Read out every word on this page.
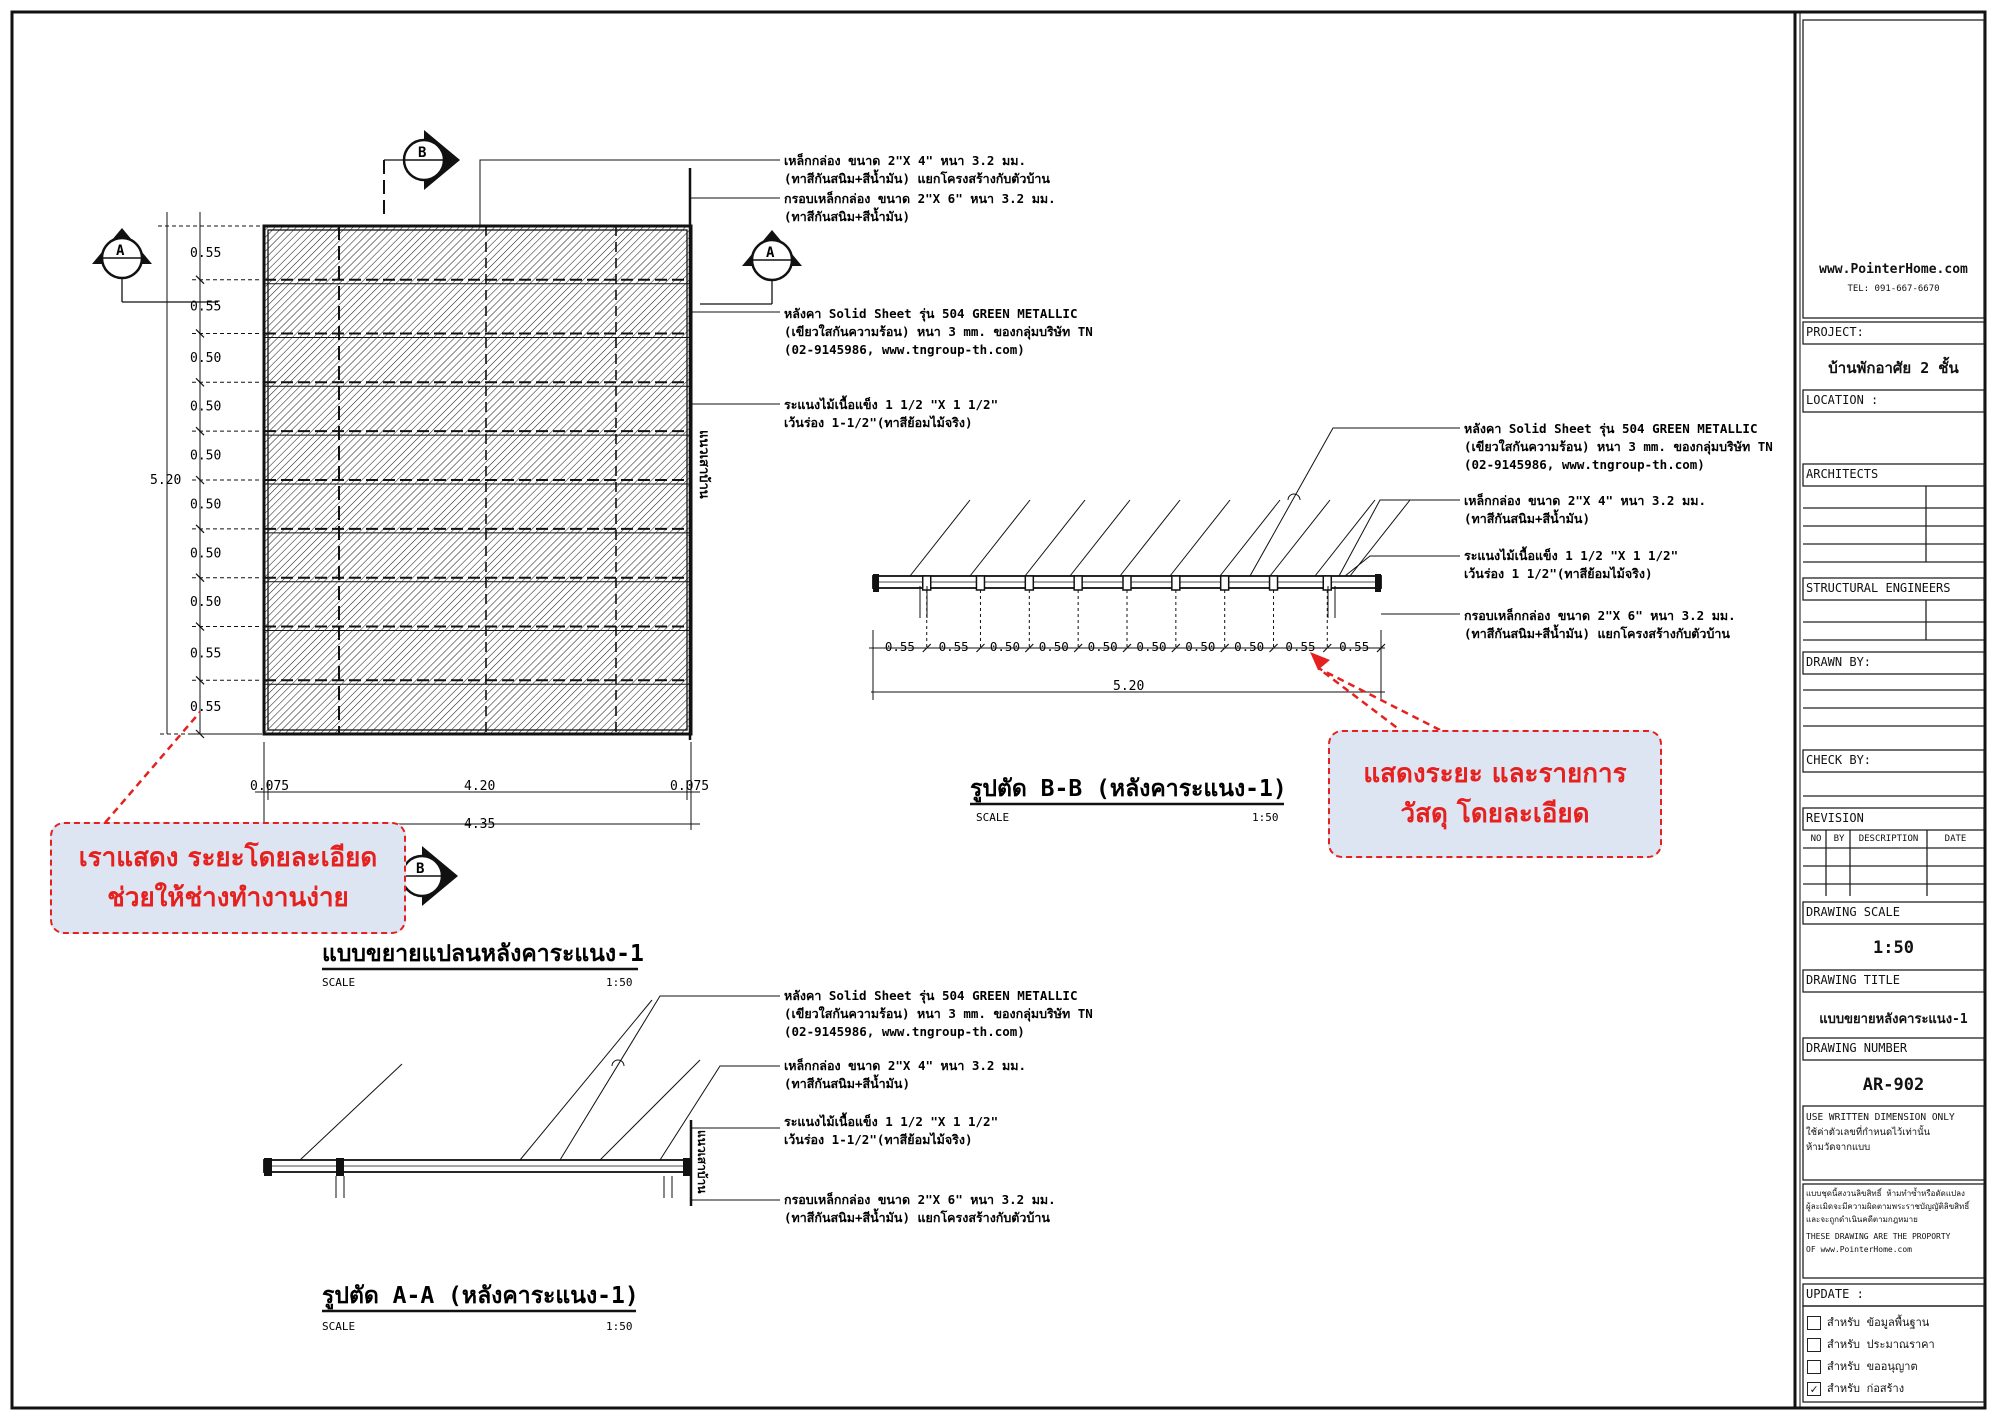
แนวเสาบ้าน
0.55
0.55
0.50
0.50
0.50
0.50
0.50
0.50
0.55
0.55
5.20
0.075	4.20	0.075
4.35
A	A
B
B
เหล็กกล่อง ขนาด 2"X 4" หนา 3.2 มม.
(ทาสีกันสนิม+สีน้ำมัน) แยกโครงสร้างกับตัวบ้าน
กรอบเหล็กกล่อง ขนาด 2"X 6" หนา 3.2 มม.
(ทาสีกันสนิม+สีน้ำมัน)
หลังคา Solid Sheet รุ่น 504 GREEN METALLIC
(เขียวใสกันความร้อน) หนา 3 mm. ของกลุ่มบริษัท TN
(02-9145986, www.tngroup-th.com)
ระแนงไม้เนื้อแข็ง 1 1/2 "X 1 1/2"
เว้นร่อง 1-1/2"(ทาสีย้อมไม้จริง)
แบบขยายแปลนหลังคาระแนง-1
SCALE	1:50
0.55 0.55 0.50 0.50 0.50 0.50 0.50 0.50 0.55 0.55
5.20
หลังคา Solid Sheet รุ่น 504 GREEN METALLIC
(เขียวใสกันความร้อน) หนา 3 mm. ของกลุ่มบริษัท TN
(02-9145986, www.tngroup-th.com)
เหล็กกล่อง ขนาด 2"X 4" หนา 3.2 มม.
(ทาสีกันสนิม+สีน้ำมัน)
ระแนงไม้เนื้อแข็ง 1 1/2 "X 1 1/2"
เว้นร่อง 1 1/2"(ทาสีย้อมไม้จริง)
กรอบเหล็กกล่อง ขนาด 2"X 6" หนา 3.2 มม.
(ทาสีกันสนิม+สีน้ำมัน) แยกโครงสร้างกับตัวบ้าน
รูปตัด B-B (หลังคาระแนง-1)
SCALE	1:50
แนวเสาบ้าน
หลังคา Solid Sheet รุ่น 504 GREEN METALLIC
(เขียวใสกันความร้อน) หนา 3 mm. ของกลุ่มบริษัท TN
(02-9145986, www.tngroup-th.com)
เหล็กกล่อง ขนาด 2"X 4" หนา 3.2 มม.
(ทาสีกันสนิม+สีน้ำมัน)
ระแนงไม้เนื้อแข็ง 1 1/2 "X 1 1/2"
เว้นร่อง 1-1/2"(ทาสีย้อมไม้จริง)
กรอบเหล็กกล่อง ขนาด 2"X 6" หนา 3.2 มม.
(ทาสีกันสนิม+สีน้ำมัน) แยกโครงสร้างกับตัวบ้าน
รูปตัด A-A (หลังคาระแนง-1)
SCALE	1:50
เราแสดง ระยะโดยละเอียด
ช่วยให้ช่างทำงานง่าย
แสดงระยะ และรายการ
วัสดุ โดยละเอียด
www.PointerHome.com
TEL: 091-667-6670
PROJECT:
บ้านพักอาศัย 2 ชั้น
LOCATION :
ARCHITECTS
STRUCTURAL ENGINEERS
DRAWN BY:
CHECK BY:
REVISION
NO	BY	DESCRIPTION	DATE
DRAWING SCALE
1:50
DRAWING TITLE
แบบขยายหลังคาระแนง-1
DRAWING NUMBER
AR-902
USE WRITTEN DIMENSION ONLY
ใช้ค่าตัวเลขที่กำหนดไว้เท่านั้น
ห้ามวัดจากแบบ
แบบชุดนี้สงวนลิขสิทธิ์ ห้ามทำซ้ำหรือดัดแปลง
ผู้ละเมิดจะมีความผิดตามพระราชบัญญัติลิขสิทธิ์
และจะถูกดำเนินคดีตามกฎหมาย
THESE DRAWING ARE THE PROPORTY
OF www.PointerHome.com
UPDATE :
สำหรับ ข้อมูลพื้นฐาน
สำหรับ ประมาณราคา
สำหรับ ขออนุญาต
✓ สำหรับ ก่อสร้าง
